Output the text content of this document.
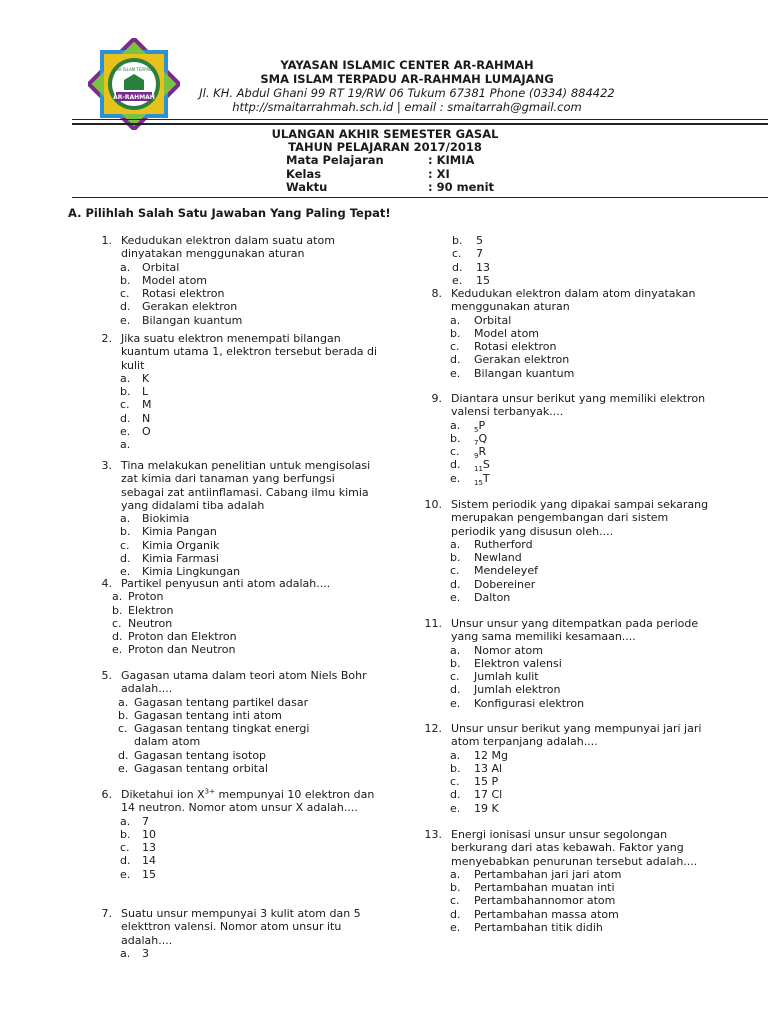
AR-RAHMAH
SMA ISLAM TERPADU	YAYASAN ISLAMIC CENTER AR-RAHMAH
SMA ISLAM TERPADU AR-RAHMAH LUMAJANG
Jl. KH. Abdul Ghani 99 RT 19/RW 06 Tukum 67381 Phone (0334) 884422
http://smaitarrahmah.sch.id | email : smaitarrah@gmail.com
ULANGAN AKHIR SEMESTER GASAL
TAHUN PELAJARAN 2017/2018
Mata Pelajaran	: KIMIA
Kelas	: XI
Waktu	: 90 menit
A. Pilihlah Salah Satu Jawaban Yang Paling Tepat!
1. Kedudukan elektron dalam suatu atom dinyatakan menggunakan aturan
a.	Orbital
b.	Model atom
c.	Rotasi elektron
d.	Gerakan elektron
e.	Bilangan kuantum
2. Jika suatu elektron menempati bilangan kuantum utama 1, elektron tersebut berada di kulit
a.	K
b.	L
c.	M
d.	N
e.	O
a.
3. Tina melakukan penelitian untuk mengisolasi zat kimia dari tanaman yang berfungsi sebagai zat antiinflamasi. Cabang ilmu kimia yang didalami tiba adalah
a.	Biokimia
b.	Kimia Pangan
c.	Kimia Organik
d.	Kimia Farmasi
e.	Kimia Lingkungan
4. Partikel penyusun anti atom adalah....
a. Proton
b. Elektron
c. Neutron
d. Proton dan Elektron
e. Proton dan Neutron
5. Gagasan utama dalam teori atom Niels Bohr adalah....
a. Gagasan tentang partikel dasar
b. Gagasan tentang inti atom
c. Gagasan tentang tingkat energi dalam atom
d. Gagasan tentang isotop
e. Gagasan tentang orbital
6. Diketahui ion $X^{3+}$ mempunyai 10 elektron dan 14 neutron. Nomor atom unsur X adalah....
a.	7
b.	10
c.	13
d.	14
e.	15
7. Suatu unsur mempunyai 3 kulit atom dan 5 elekttron valensi. Nomor atom unsur itu adalah....
a.	3
b.	5
c.	7
d.	13
e.	15
8. Kedudukan elektron dalam atom dinyatakan menggunakan aturan
a.	Orbital
b.	Model atom
c.	Rotasi elektron
d.	Gerakan elektron
e.	Bilangan kuantum
9. Diantara unsur berikut yang memiliki elektron valensi terbanyak....
a.	$_5$P
b.	$_7$Q
c.	$_9$R
d.	$_{11}$S
e.	$_{15}$T
10. Sistem periodik yang dipakai sampai sekarang merupakan pengembangan dari sistem periodik yang disusun oleh....
a.	Rutherford
b.	Newland
c.	Mendeleyef
d.	Dobereiner
e.	Dalton
11. Unsur unsur yang ditempatkan pada periode yang sama memiliki kesamaan....
a.	Nomor atom
b.	Elektron valensi
c.	Jumlah kulit
d.	Jumlah elektron
e.	Konfigurasi elektron
12. Unsur unsur berikut yang mempunyai jari jari atom terpanjang adalah....
a.	12 Mg
b.	13 Al
c.	15 P
d.	17 Cl
e.	19 K
13. Energi ionisasi unsur unsur segolongan berkurang dari atas kebawah. Faktor yang menyebabkan penurunan tersebut adalah....
a.	Pertambahan jari jari atom
b.	Pertambahan muatan inti
c.	Pertambahannomor atom
d.	Pertambahan massa atom
e.	Pertambahan titik didih
